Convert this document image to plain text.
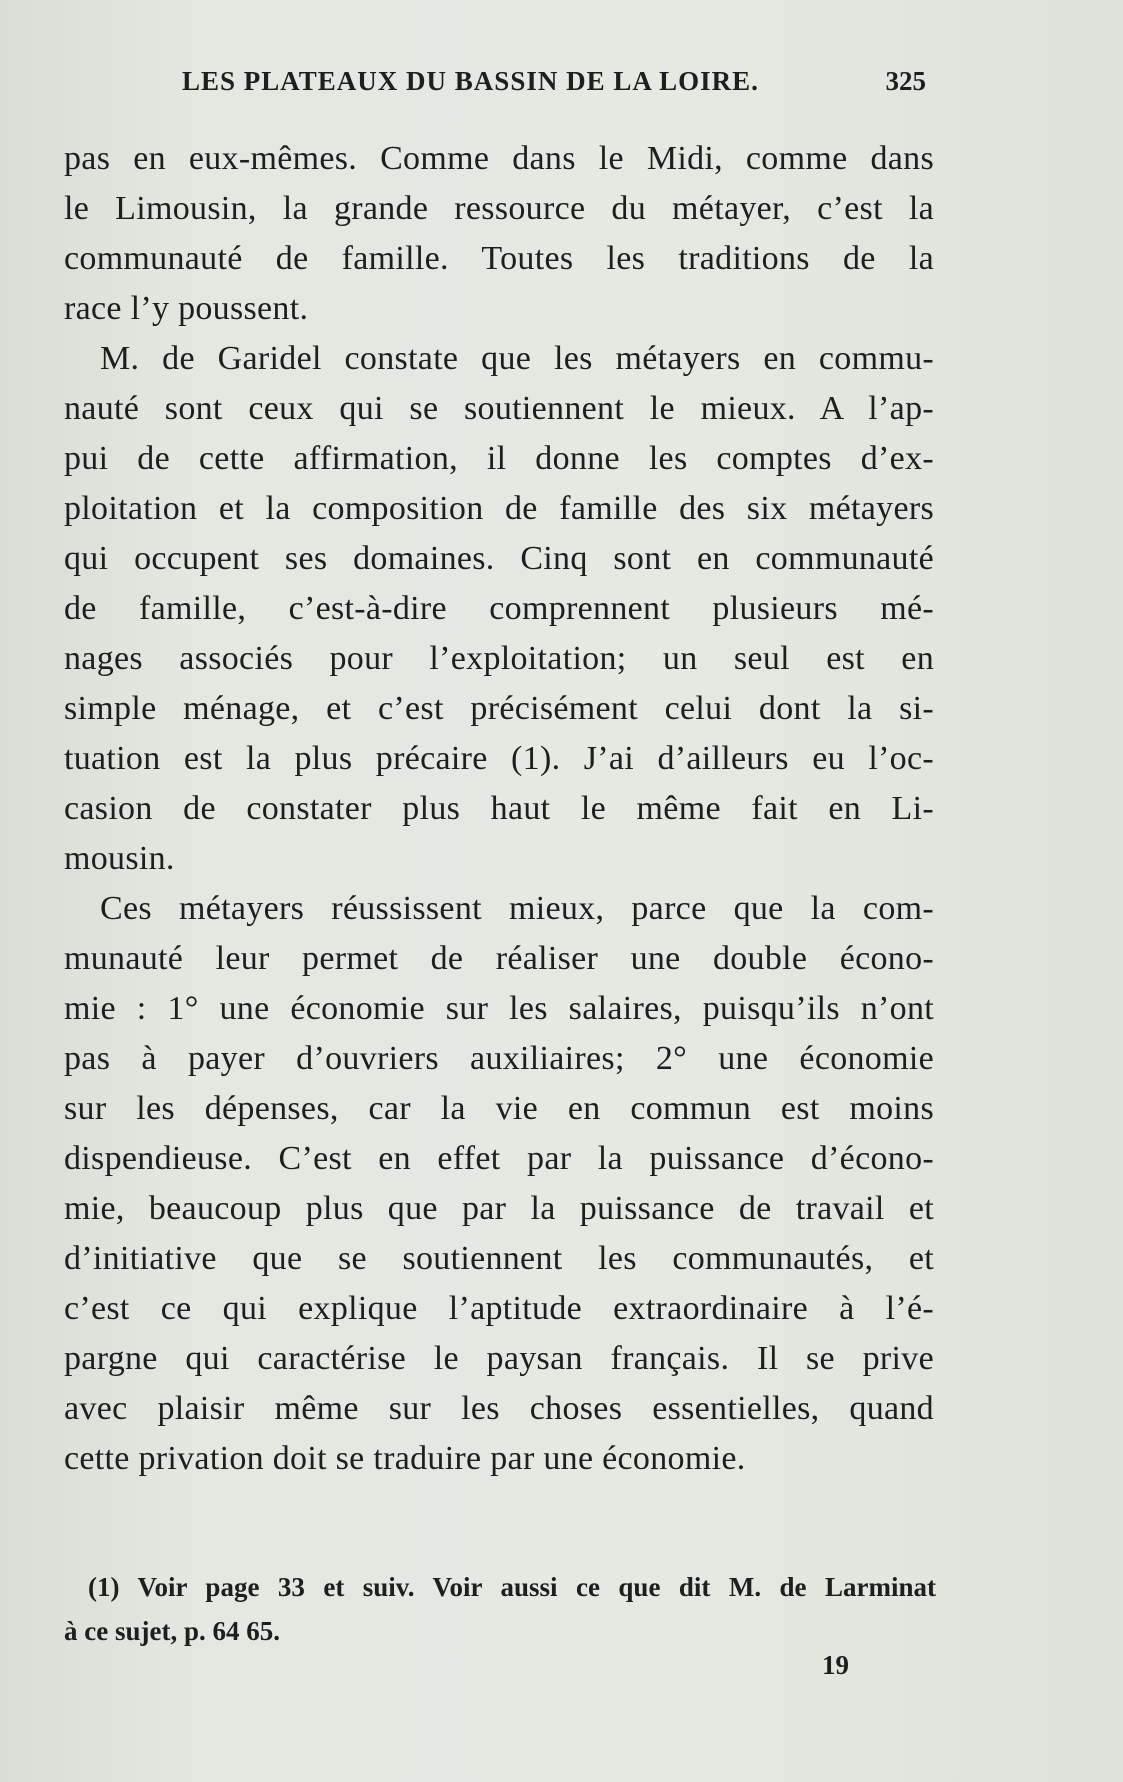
LES PLATEAUX DU BASSIN DE LA LOIRE.	325
pas en eux-mêmes. Comme dans le Midi, comme dans
le Limousin, la grande ressource du métayer, c’est la
communauté de famille. Toutes les traditions de la
race l’y poussent.
M. de Garidel constate que les métayers en commu-
nauté sont ceux qui se soutiennent le mieux. A l’ap-
pui de cette affirmation, il donne les comptes d’ex-
ploitation et la composition de famille des six métayers
qui occupent ses domaines. Cinq sont en communauté
de famille, c’est-à-dire comprennent plusieurs mé-
nages associés pour l’exploitation; un seul est en
simple ménage, et c’est précisément celui dont la si-
tuation est la plus précaire (1). J’ai d’ailleurs eu l’oc-
casion de constater plus haut le même fait en Li-
mousin.
Ces métayers réussissent mieux, parce que la com-
munauté leur permet de réaliser une double écono-
mie : 1° une économie sur les salaires, puisqu’ils n’ont
pas à payer d’ouvriers auxiliaires; 2° une économie
sur les dépenses, car la vie en commun est moins
dispendieuse. C’est en effet par la puissance d’écono-
mie, beaucoup plus que par la puissance de travail et
d’initiative que se soutiennent les communautés, et
c’est ce qui explique l’aptitude extraordinaire à l’é-
pargne qui caractérise le paysan français. Il se prive
avec plaisir même sur les choses essentielles, quand
cette privation doit se traduire par une économie.
(1) Voir page 33 et suiv. Voir aussi ce que dit M. de Larminat
à ce sujet, p. 64 65.
19
